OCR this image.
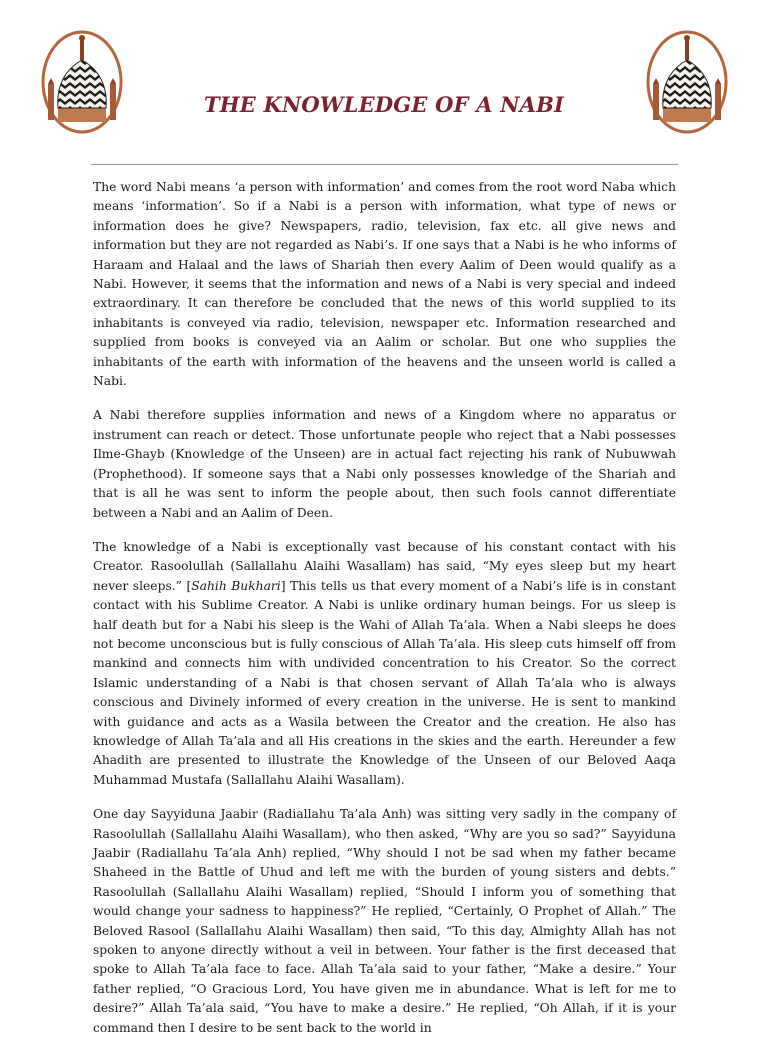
THE KNOWLEDGE OF A NABI

The word Nabi means ‘a person with information’ and comes from the root word Naba which means ‘information’. So if a Nabi is a person with information, what type of news or information does he give? Newspapers, radio, television, fax etc. all give news and information but they are not regarded as Nabi’s. If one says that a Nabi is he who informs of Haraam and Halaal and the laws of Shariah then every Aalim of Deen would qualify as a Nabi. However, it seems that the information and news of a Nabi is very special and indeed extraordinary. It can therefore be concluded that the news of this world supplied to its inhabitants is conveyed via radio, television, newspaper etc. Information researched and supplied from books is conveyed via an Aalim or scholar. But one who supplies the inhabitants of the earth with information of the heavens and the unseen world is called a Nabi.

A Nabi therefore supplies information and news of a Kingdom where no apparatus or instrument can reach or detect. Those unfortunate people who reject that a Nabi possesses Ilme-Ghayb (Knowledge of the Unseen) are in actual fact rejecting his rank of Nubuwwah (Prophethood). If someone says that a Nabi only possesses knowledge of the Shariah and that is all he was sent to inform the people about, then such fools cannot differentiate between a Nabi and an Aalim of Deen.

The knowledge of a Nabi is exceptionally vast because of his constant contact with his Creator. Rasoolullah (Sallallahu Alaihi Wasallam) has said, “My eyes sleep but my heart never sleeps.” [Sahih Bukhari] This tells us that every moment of a Nabi’s life is in constant contact with his Sublime Creator. A Nabi is unlike ordinary human beings. For us sleep is half death but for a Nabi his sleep is the Wahi of Allah Ta’ala. When a Nabi sleeps he does not become unconscious but is fully conscious of Allah Ta’ala. His sleep cuts himself off from mankind and connects him with undivided concentration to his Creator. So the correct Islamic understanding of a Nabi is that chosen servant of Allah Ta’ala who is always conscious and Divinely informed of every creation in the universe. He is sent to mankind with guidance and acts as a Wasila between the Creator and the creation. He also has knowledge of Allah Ta’ala and all His creations in the skies and the earth. Hereunder a few Ahadith are presented to illustrate the Knowledge of the Unseen of our Beloved Aaqa Muhammad Mustafa (Sallallahu Alaihi Wasallam).

One day Sayyiduna Jaabir (Radiallahu Ta’ala Anh) was sitting very sadly in the company of Rasoolullah (Sallallahu Alaihi Wasallam), who then asked, “Why are you so sad?” Sayyiduna Jaabir (Radiallahu Ta’ala Anh) replied, “Why should I not be sad when my father became Shaheed in the Battle of Uhud and left me with the burden of young sisters and debts.” Rasoolullah (Sallallahu Alaihi Wasallam) replied, “Should I inform you of something that would change your sadness to happiness?” He replied, “Certainly, O Prophet of Allah.” The Beloved Rasool (Sallallahu Alaihi Wasallam) then said, “To this day, Almighty Allah has not spoken to anyone directly without a veil in between. Your father is the first deceased that spoke to Allah Ta’ala face to face. Allah Ta’ala said to your father, “Make a desire.” Your father replied, “O Gracious Lord, You have given me in abundance. What is left for me to desire?” Allah Ta’ala said, “You have to make a desire.” He replied, “Oh Allah, if it is your command then I desire to be sent back to the world in
